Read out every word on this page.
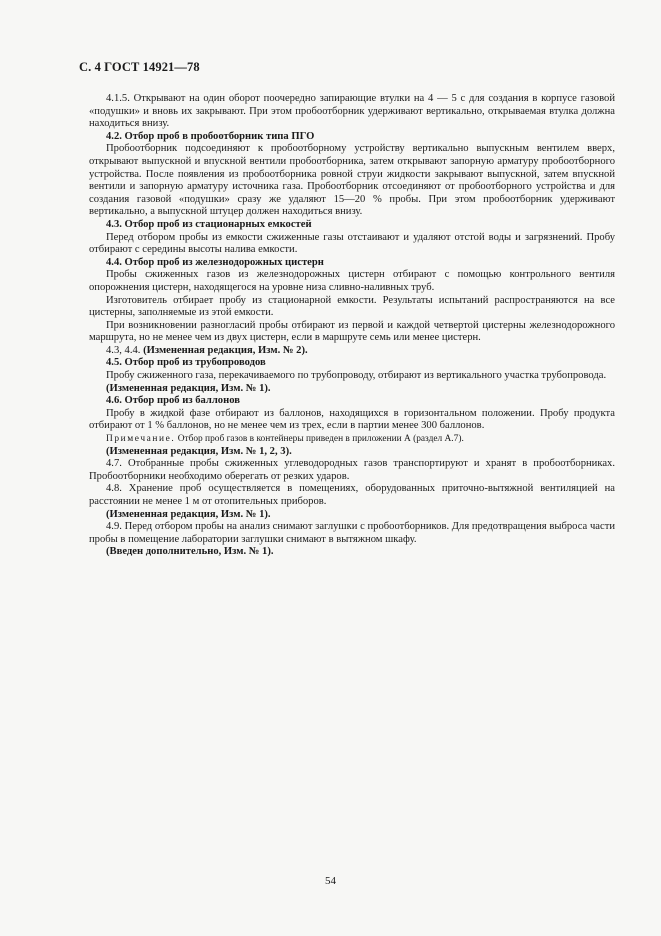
С. 4 ГОСТ 14921—78

4.1.5. Открывают на один оборот поочередно запирающие втулки на 4 — 5 с для создания в корпусе газовой «подушки» и вновь их закрывают. При этом пробоотборник удерживают вертикально, открываемая втулка должна находиться внизу.

4.2. Отбор проб в пробоотборник типа ПГО

Пробоотборник подсоединяют к пробоотборному устройству вертикально выпускным вентилем вверх, открывают выпускной и впускной вентили пробоотборника, затем открывают запорную арматуру пробоотборного устройства. После появления из пробоотборника ровной струи жидкости закрывают выпускной, затем впускной вентили и запорную арматуру источника газа. Пробоотборник отсоединяют от пробоотборного устройства и для создания газовой «подушки» сразу же удаляют 15—20 % пробы. При этом пробоотборник удерживают вертикально, а выпускной штуцер должен находиться внизу.

4.3. Отбор проб из стационарных емкостей

Перед отбором пробы из емкости сжиженные газы отстаивают и удаляют отстой воды и загрязнений. Пробу отбирают с середины высоты налива емкости.

4.4. Отбор проб из железнодорожных цистерн

Пробы сжиженных газов из железнодорожных цистерн отбирают с помощью контрольного вентиля опорожнения цистерн, находящегося на уровне низа сливно-наливных труб.

Изготовитель отбирает пробу из стационарной емкости. Результаты испытаний распространяются на все цистерны, заполняемые из этой емкости.

При возникновении разногласий пробы отбирают из первой и каждой четвертой цистерны железнодорожного маршрута, но не менее чем из двух цистерн, если в маршруте семь или менее цистерн.

4.3, 4.4. (Измененная редакция, Изм. № 2).

4.5. Отбор проб из трубопроводов

Пробу сжиженного газа, перекачиваемого по трубопроводу, отбирают из вертикального участка трубопровода.

(Измененная редакция, Изм. № 1).

4.6. Отбор проб из баллонов

Пробу в жидкой фазе отбирают из баллонов, находящихся в горизонтальном положении. Пробу продукта отбирают от 1 % баллонов, но не менее чем из трех, если в партии менее 300 баллонов.

Примечание. Отбор проб газов в контейнеры приведен в приложении А (раздел А.7).

(Измененная редакция, Изм. № 1, 2, 3).

4.7. Отобранные пробы сжиженных углеводородных газов транспортируют и хранят в пробоотборниках. Пробоотборники необходимо оберегать от резких ударов.

4.8. Хранение проб осуществляется в помещениях, оборудованных приточно-вытяжной вентиляцией на расстоянии не менее 1 м от отопительных приборов.

(Измененная редакция, Изм. № 1).

4.9. Перед отбором пробы на анализ снимают заглушки с пробоотборников. Для предотвращения выброса части пробы в помещение лаборатории заглушки снимают в вытяжном шкафу.

(Введен дополнительно, Изм. № 1).

54
